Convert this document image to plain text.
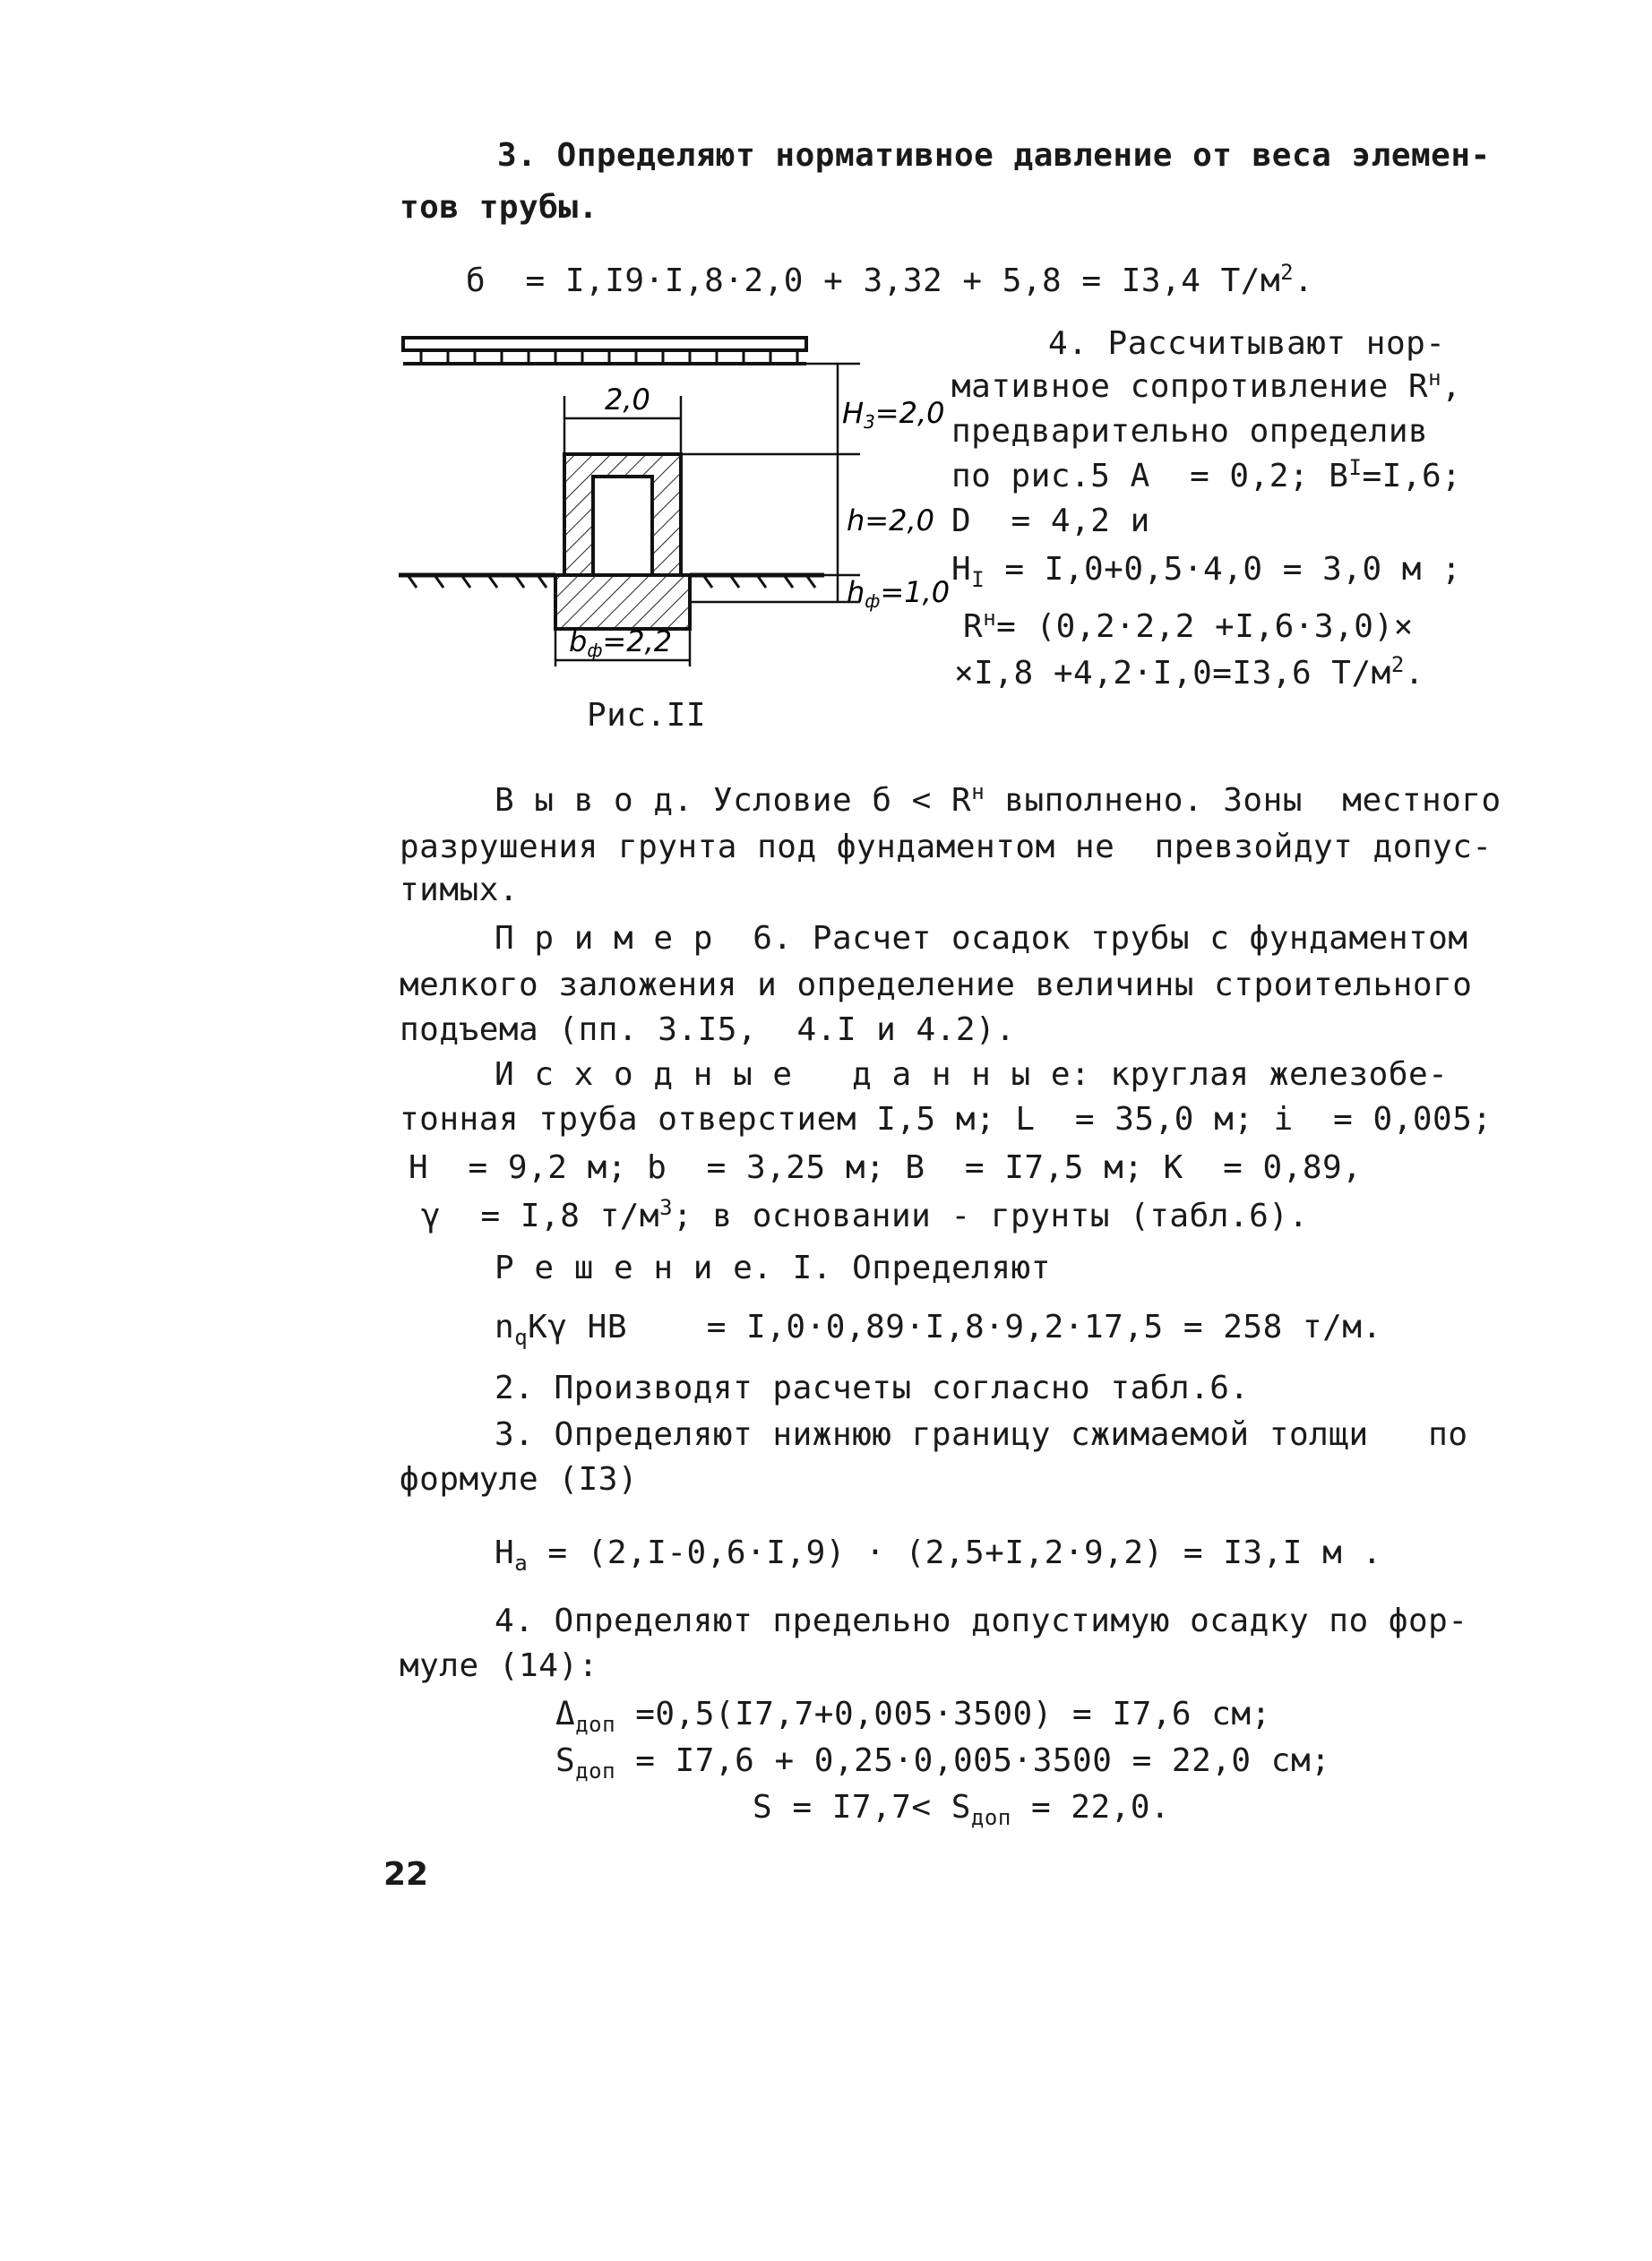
3. Определяют нормативное давление от веса элемен-
тов трубы.
б  = I,I9·I,8·2,0 + 3,32 + 5,8 = I3,4 $Т/м^2$.
2,0
bф=2,2
H3=2,0
h=2,0
hф=1,0
Рис.II
4. Рассчитывают нор-
мативное сопротивление $R^н$,
предварительно определив
по рис.5 A  = 0,2; $B^I=I,6$;
D  = 4,2 и
$H_I = I,0+0,5\cdot 4,0 = 3,0$ м ;
$R^н= (0,2\cdot 2,2 +I,6\cdot 3,0)\times$
×I,8 +4,2·I,0=I3,6 $Т/м^2$.
В ы в о д. Условие $б < R^н$ выполнено. Зоны  местного
разрушения грунта под фундаментом не  превзойдут допус-
тимых.
П р и м е р  6. Расчет осадок трубы с фундаментом
мелкого заложения и определение величины строительного
подъема (пп. 3.I5,  4.I и 4.2).
И с х о д н ы е   д а н н ы е: круглая железобе-
тонная труба отверстием I,5 м; L  = 35,0 м; i  = 0,005;
H  = 9,2 м; b  = 3,25 м; B  = I7,5 м; K  = 0,89,
γ  = I,8 $т/м^3$; в основании - грунты (табл.6).
Р е ш е н и е. I. Определяют
$n_qK\gamma$ HB    = I,0·0,89·I,8·9,2·17,5 = 258 т/м.
2. Производят расчеты согласно табл.6.
3. Определяют нижнюю границу сжимаемой толщи   по
формуле (I3)
$H_a = (2,I-0,6\cdot I,9) \cdot (2,5+I,2\cdot 9,2) = I3,I$ м .
4. Определяют предельно допустимую осадку по фор-
муле (14):
$\Delta_{доп} =0,5(I7,7+0,005\cdot 3500) = I7,6$ см;
$S_{доп} = I7,6 + 0,25\cdot 0,005\cdot 3500 = 22,0$ см;
$S = I7,7< S_{доп} = 22,0$.
22
